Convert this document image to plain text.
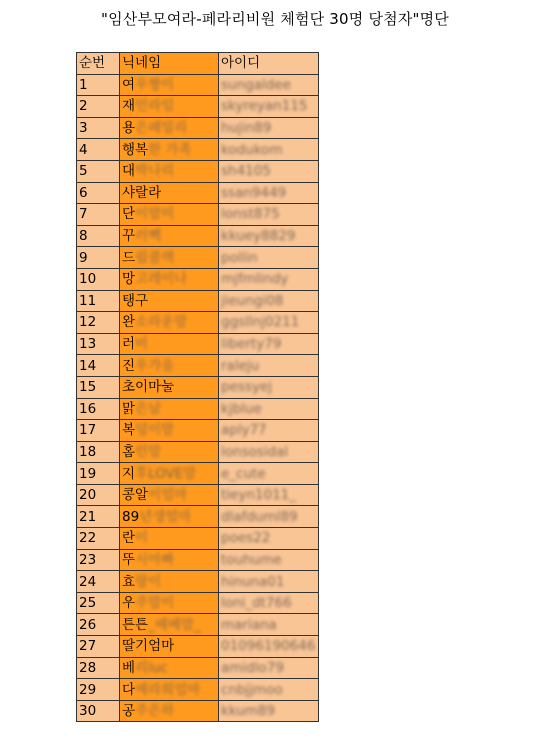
"임산부모여라-페라리비원 체험단 30명 당첨자"명단
순번	닉네임	아이디
1	여우짱이	sungaldee
2	재민라임	skyreyan115
3	용은패밀리	hujin89
4	행복한 가족	kodukom
5	대박나리	sh4105
6	샤랄라	ssan9449
7	단이맘미	lonst875
8	꾸러빽	kkuey8829
9	드림콜렉	pollin
10	망고레이나	mjfmlindy
11	탱구	jieungi08
12	완소라운맘	ggsllnj0211
13	러비	liberty79
14	진우가을	raleju
15	초이마눌	pessyej
16	맑은날	kjblue
17	복덩이맘	aply77
18	홈런맘	lonsosidal
19	지후LOVE맘	e_cute
20	콩알이엄마	tieyn1011_
21	89년생엄마	dlafduml89
22	란이	poes22
23	뚜시아빠	touhume
24	효랑이	hinuna01
25	우주맘이	loni_dt766
26	튼튼_베베맘_	mariana
27	딸기엄마	01096190646
28	베리luc	amidlo79
29	다예라희엄마	cnbjjmoo
30	공주은하	kkum89
